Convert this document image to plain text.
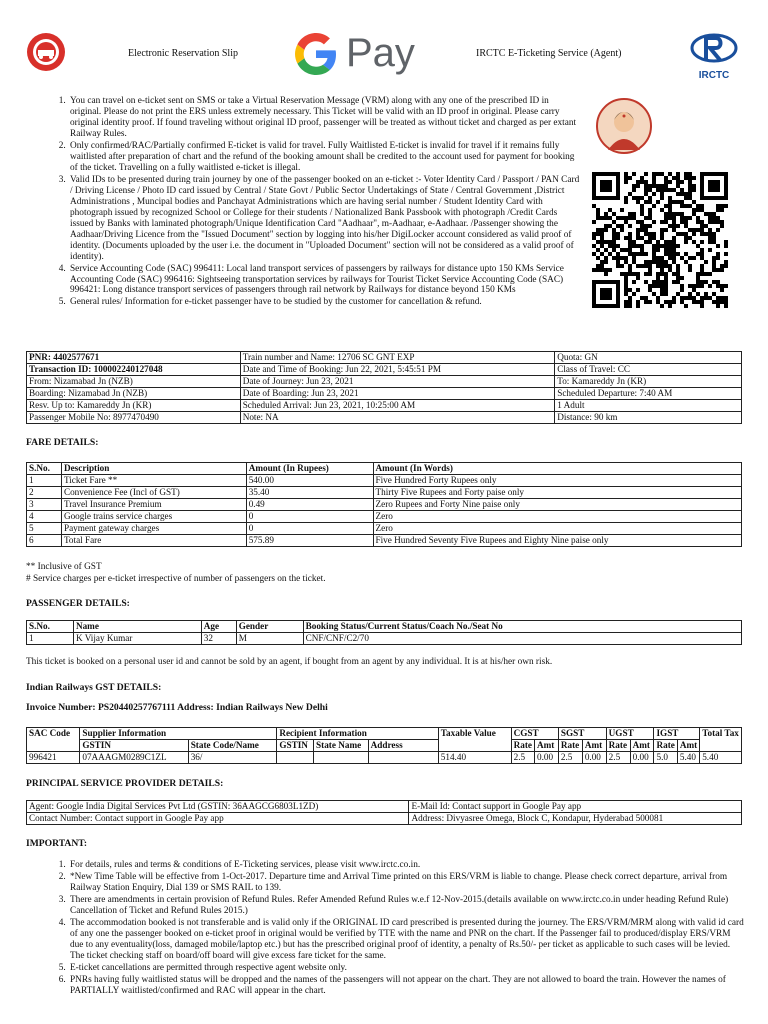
Electronic Reservation Slip	Pay	IRCTC E-Ticketing Service (Agent)
IRCTC
1. You can travel on e-ticket sent on SMS or take a Virtual Reservation Message (VRM) along with any one of the prescribed ID in original. Please do not print the ERS unless extremely necessary. This Ticket will be valid with an ID proof in original. Please carry original identity proof. If found traveling without original ID proof, passenger will be treated as without ticket and charged as per extant Railway Rules.
2. Only confirmed/RAC/Partially confirmed E-ticket is valid for travel. Fully Waitlisted E-ticket is invalid for travel if it remains fully waitlisted after preparation of chart and the refund of the booking amount shall be credited to the account used for payment for booking of the ticket. Travelling on a fully waitlisted e-ticket is illegal.
3. Valid IDs to be presented during train journey by one of the passenger booked on an e-ticket :- Voter Identity Card / Passport / PAN Card / Driving License / Photo ID card issued by Central / State Govt / Public Sector Undertakings of State / Central Government ,District Administrations , Muncipal bodies and Panchayat Administrations which are having serial number / Student Identity Card with photograph issued by recognized School or College for their students / Nationalized Bank Passbook with photograph /Credit Cards issued by Banks with laminated photograph/Unique Identification Card "Aadhaar", m-Aadhaar, e-Aadhaar. /Passenger showing the Aadhaar/Driving Licence from the "Issued Document" section by logging into his/her DigiLocker account considered as valid proof of identity. (Documents uploaded by the user i.e. the document in "Uploaded Document" section will not be considered as a valid proof of identity).
4. Service Accounting Code (SAC) 996411: Local land transport services of passengers by railways for distance upto 150 KMs Service Accounting Code (SAC) 996416: Sightseeing transportation services by railways for Tourist Ticket Service Accounting Code (SAC) 996421: Long distance transport services of passengers through rail network by Railways for distance beyond 150 KMs
5. General rules/ Information for e-ticket passenger have to be studied by the customer for cancellation & refund.
PNR: 4402577671	Train number and Name: 12706 SC GNT EXP	Quota: GN
Transaction ID: 100002240127048	Date and Time of Booking: Jun 22, 2021, 5:45:51 PM	Class of Travel: CC
From: Nizamabad Jn (NZB)	Date of Journey: Jun 23, 2021	To: Kamareddy Jn (KR)
Boarding: Nizamabad Jn (NZB)	Date of Boarding: Jun 23, 2021	Scheduled Departure: 7:40 AM
Resv. Up to: Kamareddy Jn (KR)	Scheduled Arrival: Jun 23, 2021, 10:25:00 AM	1 Adult
Passenger Mobile No: 8977470490	Note: NA	Distance: 90 km
FARE DETAILS:
S.No.	Description	Amount (In Rupees)	Amount (In Words)
1	Ticket Fare **	540.00	Five Hundred Forty Rupees only
2	Convenience Fee (Incl of GST)	35.40	Thirty Five Rupees and Forty paise only
3	Travel Insurance Premium	0.49	Zero Rupees and Forty Nine paise only
4	Google trains service charges	0	Zero
5	Payment gateway charges	0	Zero
6	Total Fare	575.89	Five Hundred Seventy Five Rupees and Eighty Nine paise only
** Inclusive of GST
# Service charges per e-ticket irrespective of number of passengers on the ticket.
PASSENGER DETAILS:
S.No.	Name	Age	Gender	Booking Status/Current Status/Coach No./Seat No
1	K Vijay Kumar	32	M	CNF/CNF/C2/70
This ticket is booked on a personal user id and cannot be sold by an agent, if bought from an agent by any individual. It is at his/her own risk.
Indian Railways GST DETAILS:
Invoice Number: PS20440257767111 Address: Indian Railways New Delhi
SAC Code	Supplier Information		Recipient Information			Taxable Value	CGST		SGST		UGST		IGST		Total Tax
	GSTIN	State Code/Name	GSTIN	State Name	Address		Rate	Amt	Rate	Amt	Rate	Amt	Rate	Amt	
996421	07AAAGM0289C1ZL	36/				514.40	2.5	0.00	2.5	0.00	2.5	0.00	5.0	5.40	5.40
PRINCIPAL SERVICE PROVIDER DETAILS:
Agent: Google India Digital Services Pvt Ltd (GSTIN: 36AAGCG6803L1ZD)	E-Mail Id: Contact support in Google Pay app
Contact Number: Contact support in Google Pay app	Address: Divyasree Omega, Block C, Kondapur, Hyderabad 500081
IMPORTANT:
1. For details, rules and terms & conditions of E-Ticketing services, please visit www.irctc.co.in.
2. *New Time Table will be effective from 1-Oct-2017. Departure time and Arrival Time printed on this ERS/VRM is liable to change. Please check correct departure, arrival from Railway Station Enquiry, Dial 139 or SMS RAIL to 139.
3. There are amendments in certain provision of Refund Rules. Refer Amended Refund Rules w.e.f 12-Nov-2015.(details available on www.irctc.co.in under heading Refund Rule) Cancellation of Ticket and Refund Rules 2015.)
4. The accommodation booked is not transferable and is valid only if the ORIGINAL ID card prescribed is presented during the journey. The ERS/VRM/MRM along with valid id card of any one the passenger booked on e-ticket proof in original would be verified by TTE with the name and PNR on the chart. If the Passenger fail to produced/display ERS/VRM due to any eventuality(loss, damaged mobile/laptop etc.) but has the prescribed original proof of identity, a penalty of Rs.50/- per ticket as applicable to such cases will be levied. The ticket checking staff on board/off board will give excess fare ticket for the same.
5. E-ticket cancellations are permitted through respective agent website only.
6. PNRs having fully waitlisted status will be dropped and the names of the passengers will not appear on the chart. They are not allowed to board the train. However the names of PARTIALLY waitlisted/confirmed and RAC will appear in the chart.
